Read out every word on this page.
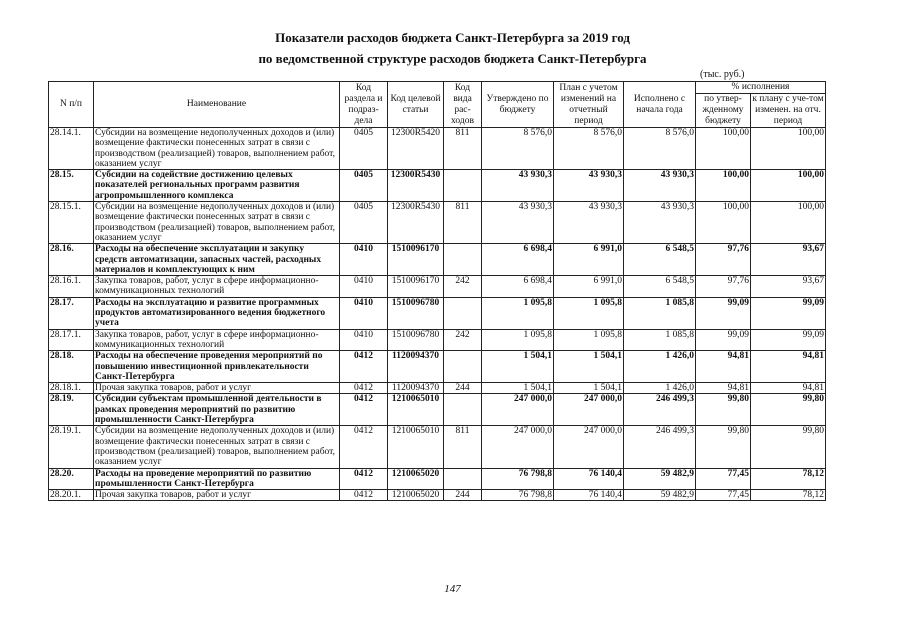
Показатели расходов бюджета Санкт-Петербурга за 2019 год
по ведомственной структуре расходов бюджета Санкт-Петербурга
(тыс. руб.)
N п/п	Наименование	Код раздела и подраз-дела	Код целевой статьи	Код вида рас-ходов	Утверждено по бюджету	План с учетом изменений на отчетный период	Исполнено с начала года	% исполнения	
								по утвер-жденному бюджету	к плану с уче-том изменен. на отч. период
28.14.1.	Субсидии на возмещение недополученных доходов и (или) возмещение фактически понесенных затрат в связи с производством (реализацией) товаров, выполнением работ, оказанием услуг	0405	12300R5420	811	8 576,0	8 576,0	8 576,0	100,00	100,00
28.15.	Субсидии на содействие достижению целевых показателей региональных программ развития агропромышленного комплекса	0405	12300R5430		43 930,3	43 930,3	43 930,3	100,00	100,00
28.15.1.	Субсидии на возмещение недополученных доходов и (или) возмещение фактически понесенных затрат в связи с производством (реализацией) товаров, выполнением работ, оказанием услуг	0405	12300R5430	811	43 930,3	43 930,3	43 930,3	100,00	100,00
28.16.	Расходы на обеспечение эксплуатации и закупку средств автоматизации, запасных частей, расходных материалов и комплектующих к ним	0410	1510096170		6 698,4	6 991,0	6 548,5	97,76	93,67
28.16.1.	Закупка товаров, работ, услуг в сфере информационно-коммуникационных технологий	0410	1510096170	242	6 698,4	6 991,0	6 548,5	97,76	93,67
28.17.	Расходы на эксплуатацию и развитие программных продуктов автоматизированного ведения бюджетного учета	0410	1510096780		1 095,8	1 095,8	1 085,8	99,09	99,09
28.17.1.	Закупка товаров, работ, услуг в сфере информационно-коммуникационных технологий	0410	1510096780	242	1 095,8	1 095,8	1 085,8	99,09	99,09
28.18.	Расходы на обеспечение проведения мероприятий по повышению инвестиционной привлекательности Санкт-Петербурга	0412	1120094370		1 504,1	1 504,1	1 426,0	94,81	94,81
28.18.1.	Прочая закупка товаров, работ и услуг	0412	1120094370	244	1 504,1	1 504,1	1 426,0	94,81	94,81
28.19.	Субсидии субъектам промышленной деятельности в рамках проведения мероприятий по развитию промышленности Санкт-Петербурга	0412	1210065010		247 000,0	247 000,0	246 499,3	99,80	99,80
28.19.1.	Субсидии на возмещение недополученных доходов и (или) возмещение фактически понесенных затрат в связи с производством (реализацией) товаров, выполнением работ, оказанием услуг	0412	1210065010	811	247 000,0	247 000,0	246 499,3	99,80	99,80
28.20.	Расходы на проведение мероприятий по развитию промышленности Санкт-Петербурга	0412	1210065020		76 798,8	76 140,4	59 482,9	77,45	78,12
28.20.1.	Прочая закупка товаров, работ и услуг	0412	1210065020	244	76 798,8	76 140,4	59 482,9	77,45	78,12
147
